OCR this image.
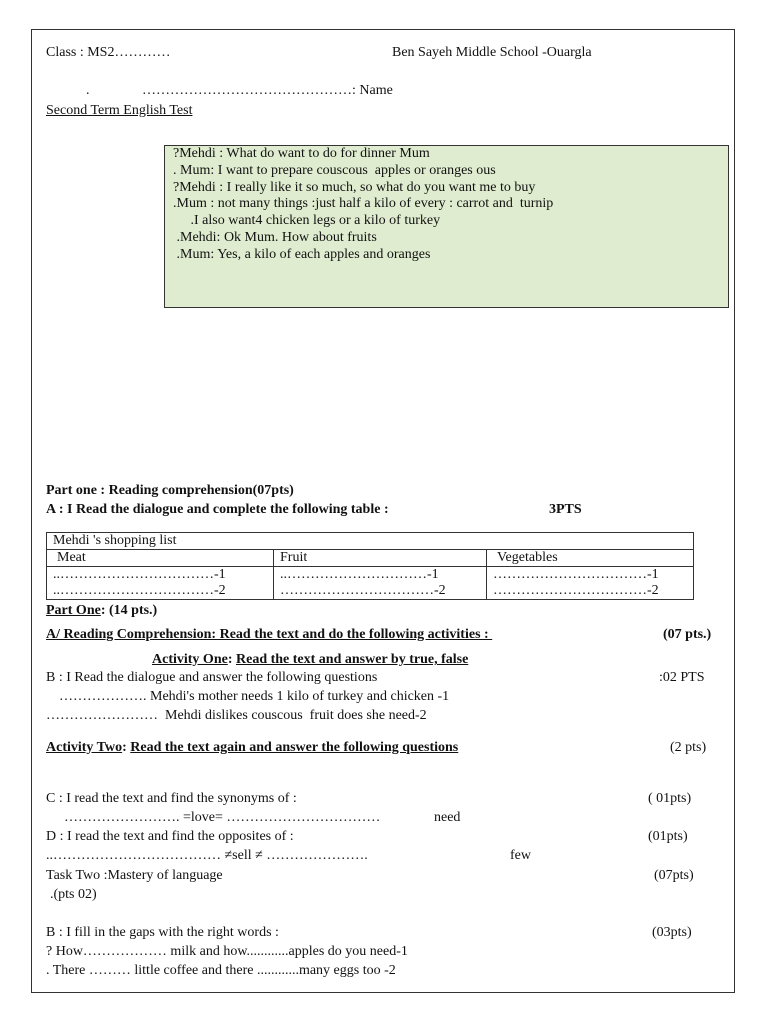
Class : MS2…………	Ben Sayeh Middle School -Ouargla
.               ………………………………………: Name
Second Term English Test
?Mehdi : What do want to do for dinner Mum
. Mum: I want to prepare couscous  apples or oranges ous
?Mehdi : I really like it so much, so what do you want me to buy
.Mum : not many things :just half a kilo of every : carrot and  turnip
.I also want4 chicken legs or a kilo of turkey
.Mehdi: Ok Mum. How about fruits
.Mum: Yes, a kilo of each apples and oranges
Part one : Reading comprehension(07pts)
A : I Read the dialogue and complete the following table :	3PTS
Mehdi 's shopping list		
Meat	Fruit	Vegetables
..……………………………-1	..…………………………-1	……………………………-1
..……………………………-2	……………………………-2	……………………………-2
Part One: (14 pts.)
A/ Reading Comprehension: Read the text and do the following activities :	(07 pts.)
Activity One: Read the text and answer by true, false
B : I Read the dialogue and answer the following questions	:02 PTS
………………. Mehdi's mother needs 1 kilo of turkey and chicken -1
……………………  Mehdi dislikes couscous  fruit does she need-2
Activity Two: Read the text again and answer the following questions	(2 pts)
C : I read the text and find the synonyms of :	( 01pts)
……………………. =love= ……………………………	need
D : I read the text and find the opposites of :	(01pts)
..……………………………… ≠sell ≠ ………………….	few
Task Two :Mastery of language	(07pts)
.(pts 02)
B : I fill in the gaps with the right words :	(03pts)
? How……………… milk and how............apples do you need-1
. There ……… little coffee and there ............many eggs too -2
